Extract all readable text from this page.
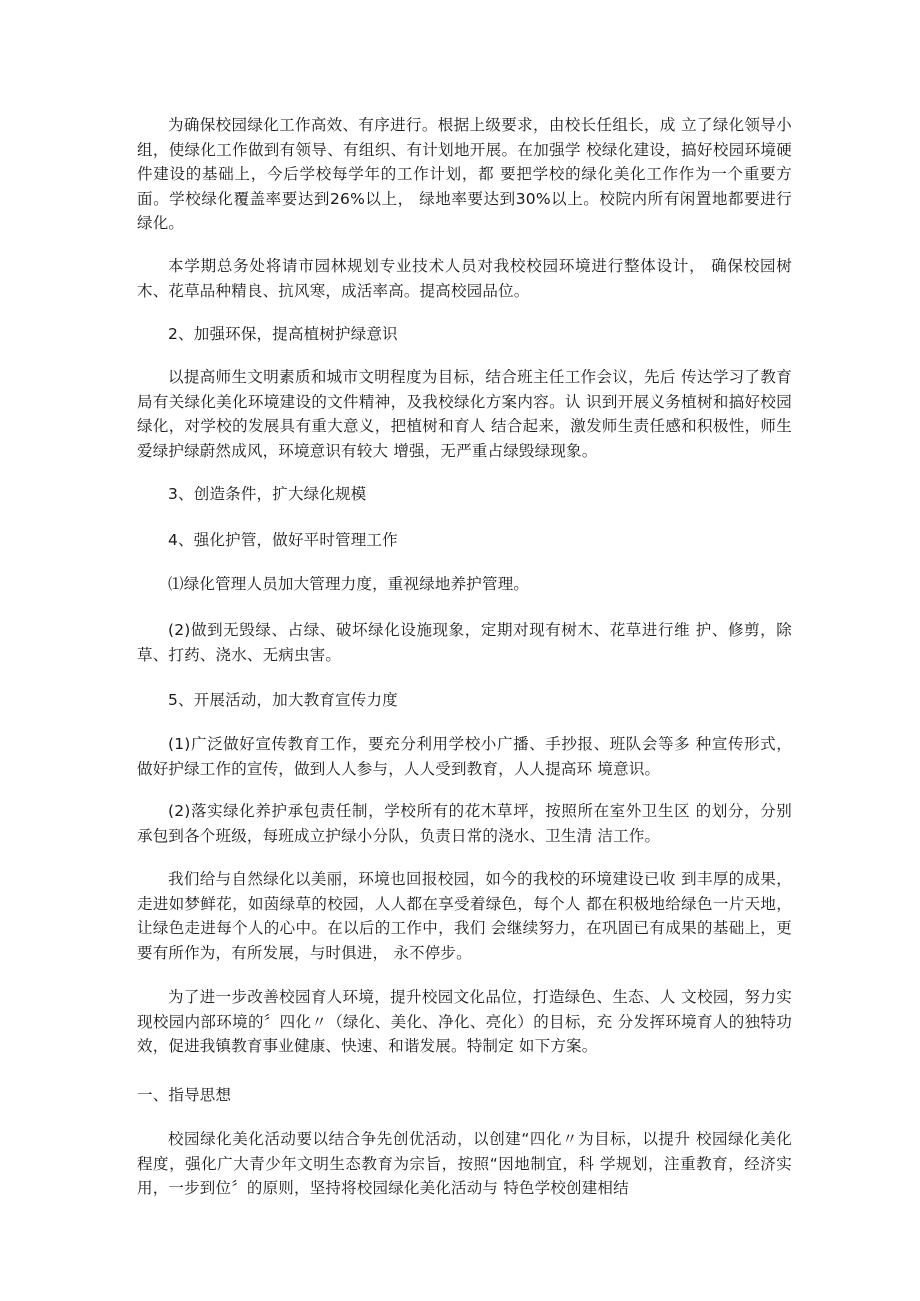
为确保校园绿化工作高效、有序进行。根据上级要求，由校长任组长，成 立了绿化领导小组，使绿化工作做到有领导、有组织、有计划地开展。在加强学 校绿化建设，搞好校园环境硬件建设的基础上，今后学校每学年的工作计划，都 要把学校的绿化美化工作作为一个重要方面。学校绿化覆盖率要达到26%以上， 绿地率要达到30%以上。校院内所有闲置地都要进行绿化。

本学期总务处将请市园林规划专业技术人员对我校校园环境进行整体设计， 确保校园树木、花草品种精良、抗风寒，成活率高。提高校园品位。

2、加强环保，提高植树护绿意识

以提高师生文明素质和城市文明程度为目标，结合班主任工作会议，先后 传达学习了教育局有关绿化美化环境建设的文件精神，及我校绿化方案内容。认 识到开展义务植树和搞好校园绿化，对学校的发展具有重大意义，把植树和育人 结合起来，激发师生责任感和积极性，师生爱绿护绿蔚然成风，环境意识有较大 增强，无严重占绿毁绿现象。

3、创造条件，扩大绿化规模

4、强化护管，做好平时管理工作

⑴绿化管理人员加大管理力度，重视绿地养护管理。

(2)做到无毁绿、占绿、破坏绿化设施现象，定期对现有树木、花草进行维 护、修剪，除草、打药、浇水、无病虫害。

5、开展活动，加大教育宣传力度

(1)广泛做好宣传教育工作，要充分利用学校小广播、手抄报、班队会等多 种宣传形式，做好护绿工作的宣传，做到人人参与，人人受到教育，人人提高环 境意识。

(2)落实绿化养护承包责任制，学校所有的花木草坪，按照所在室外卫生区 的划分，分别承包到各个班级，每班成立护绿小分队，负责日常的浇水、卫生清 洁工作。

我们给与自然绿化以美丽，环境也回报校园，如今的我校的环境建设已收 到丰厚的成果，走进如梦鲜花，如茵绿草的校园，人人都在享受着绿色，每个人 都在积极地给绿色一片天地，让绿色走进每个人的心中。在以后的工作中，我们 会继续努力，在巩固已有成果的基础上，更要有所作为，有所发展，与时俱进， 永不停步。

为了进一步改善校园育人环境，提升校园文化品位，打造绿色、生态、人 文校园，努力实现校园内部环境的〞四化〃（绿化、美化、净化、亮化）的目标，充 分发挥环境育人的独特功效，促进我镇教育事业健康、快速、和谐发展。特制定 如下方案。

一、指导思想

校园绿化美化活动要以结合争先创优活动，以创建“四化〃为目标，以提升 校园绿化美化程度，强化广大青少年文明生态教育为宗旨，按照“因地制宜，科 学规划，注重教育，经济实用，一步到位〞的原则，坚持将校园绿化美化活动与 特色学校创建相结
